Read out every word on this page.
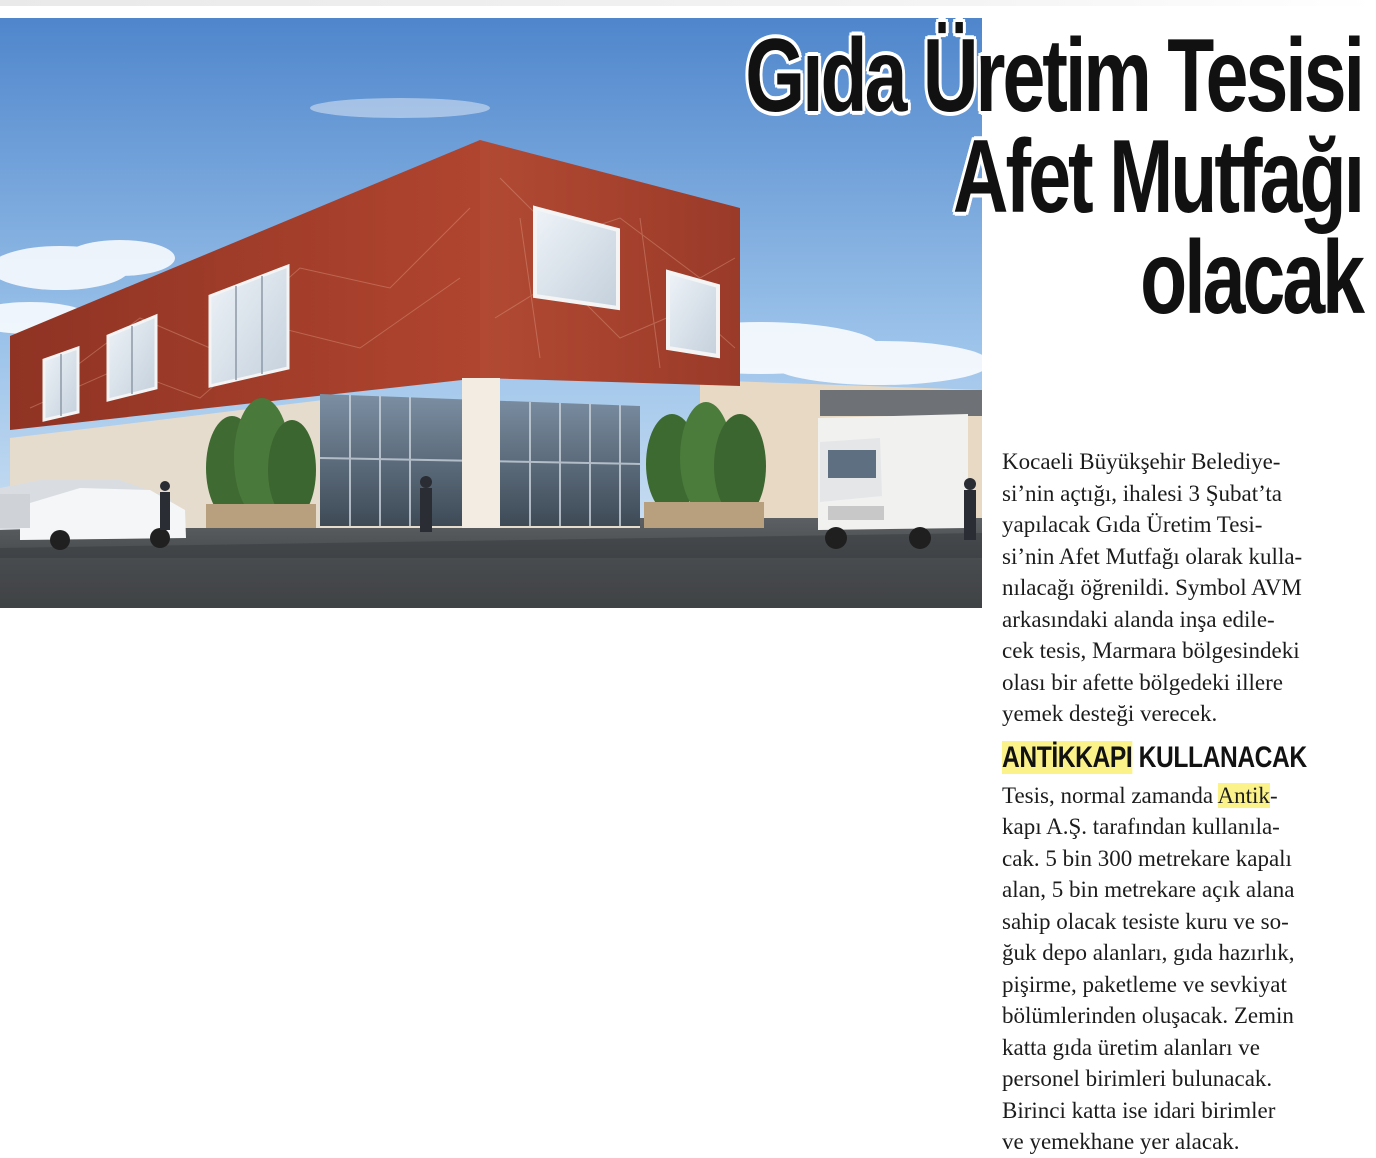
Gıda Üretim Tesisi
Afet Mutfağı
olacak
Kocaeli Büyükşehir Belediye-
si’nin açtığı, ihalesi 3 Şubat’ta
yapılacak Gıda Üretim Tesi-
si’nin Afet Mutfağı olarak kulla-
nılacağı öğrenildi. Symbol AVM
arkasındaki alanda inşa edile-
cek tesis, Marmara bölgesindeki
olası bir afette bölgedeki illere
yemek desteği verecek.
ANTİKKAPI KULLANACAK
Tesis, normal zamanda Antik-
kapı A.Ş. tarafından kullanıla-
cak. 5 bin 300 metrekare kapalı
alan, 5 bin metrekare açık alana
sahip olacak tesiste kuru ve so-
ğuk depo alanları, gıda hazırlık,
pişirme, paketleme ve sevkiyat
bölümlerinden oluşacak. Zemin
katta gıda üretim alanları ve
personel birimleri bulunacak.
Birinci katta ise idari birimler
ve yemekhane yer alacak.
